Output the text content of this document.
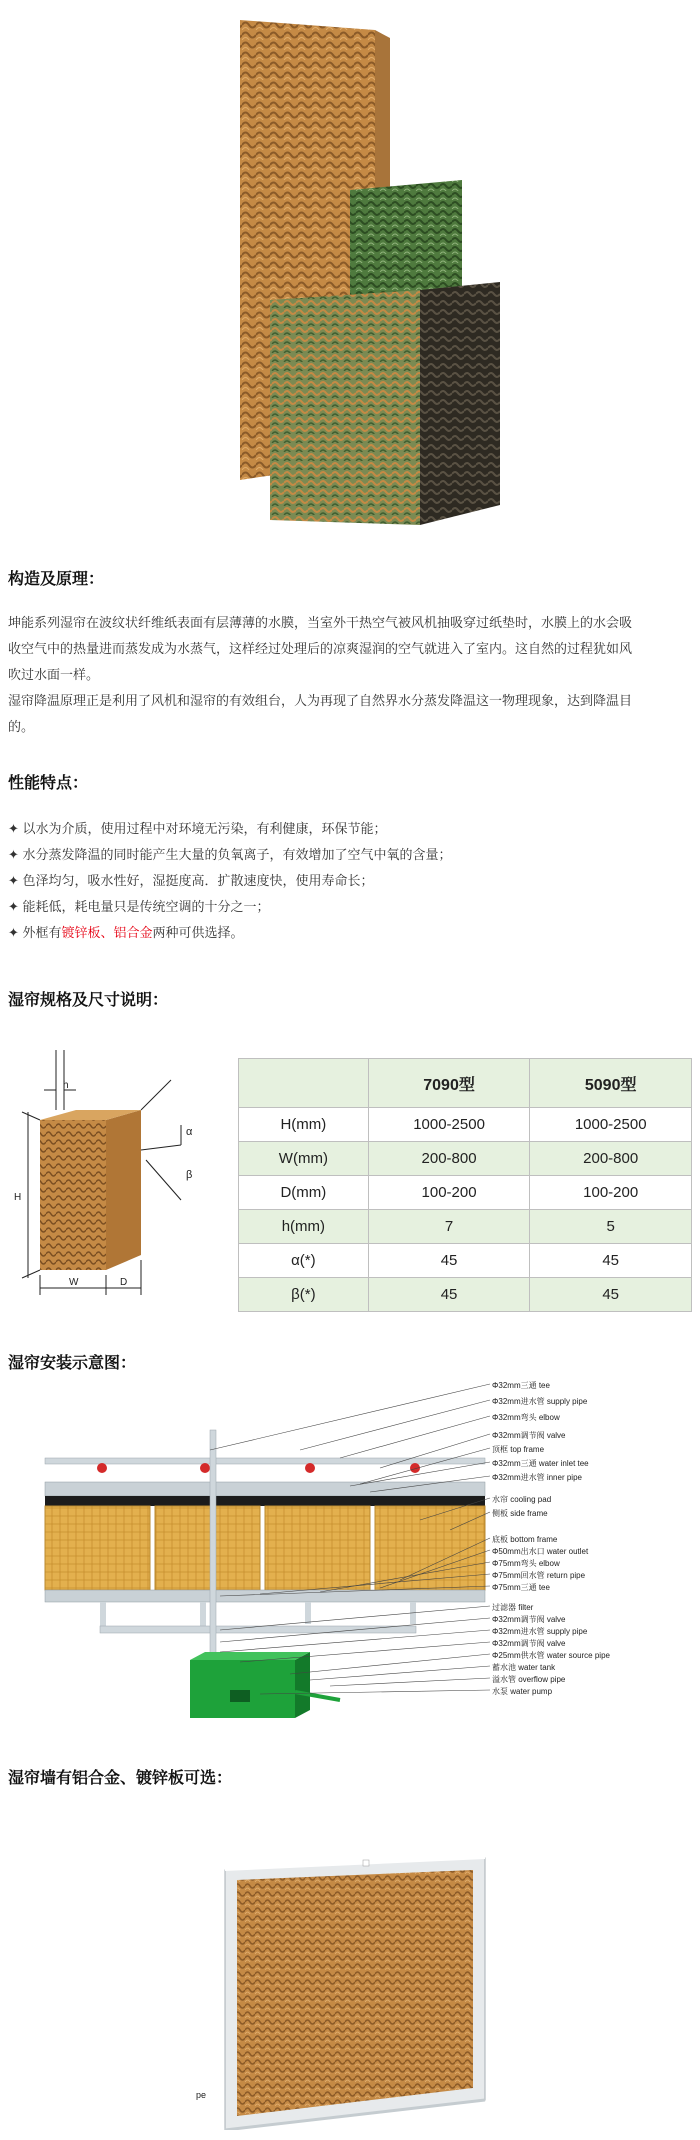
构造及原理：
坤能系列湿帘在波纹状纤维纸表面有层薄薄的水膜，当室外干热空气被风机抽吸穿过纸垫时，水膜上的水会吸
收空气中的热量进而蒸发成为水蒸气，这样经过处理后的凉爽湿润的空气就进入了室内。这自然的过程犹如风
吹过水面一样。
湿帘降温原理正是利用了风机和湿帘的有效组台，人为再现了自然界水分蒸发降温这一物理现象，达到降温目
的。
性能特点：
✦ 以水为介质，使用过程中对环境无污染，有利健康，环保节能；
✦ 水分蒸发降温的同时能产生大量的负氧离子，有效增加了空气中氧的含量；
✦ 色泽均匀，吸水性好，湿挺度高．扩散速度快，使用寿命长；
✦ 能耗低，耗电量只是传统空调的十分之一；
✦ 外框有镀锌板、铝合金两种可供选择。
湿帘规格及尺寸说明：
h
H
W	D
α
β
	7090型	5090型
H(mm)	1000-2500	1000-2500
W(mm)	200-800	200-800
D(mm)	100-200	100-200
h(mm)	7	5
α(*)	45	45
β(*)	45	45
湿帘安装示意图：
Φ32mm三通 tee
Φ32mm进水管 supply pipe
Φ32mm弯头 elbow
Φ32mm调节阀 valve
顶框 top frame
Φ32mm三通 water inlet tee
Φ32mm进水管 inner pipe
水帘 cooling pad
侧板 side frame
底板 bottom frame
Φ50mm出水口 water outlet
Φ75mm弯头 elbow
Φ75mm回水管 return pipe
Φ75mm三通 tee
过滤器 filter
Φ32mm调节阀 valve
Φ32mm进水管 supply pipe
Φ32mm调节阀 valve
Φ25mm供水管 water source pipe
蓄水池 water tank
溢水管 overflow pipe
水泵 water pump
湿帘墙有铝合金、镀锌板可选：
pe
